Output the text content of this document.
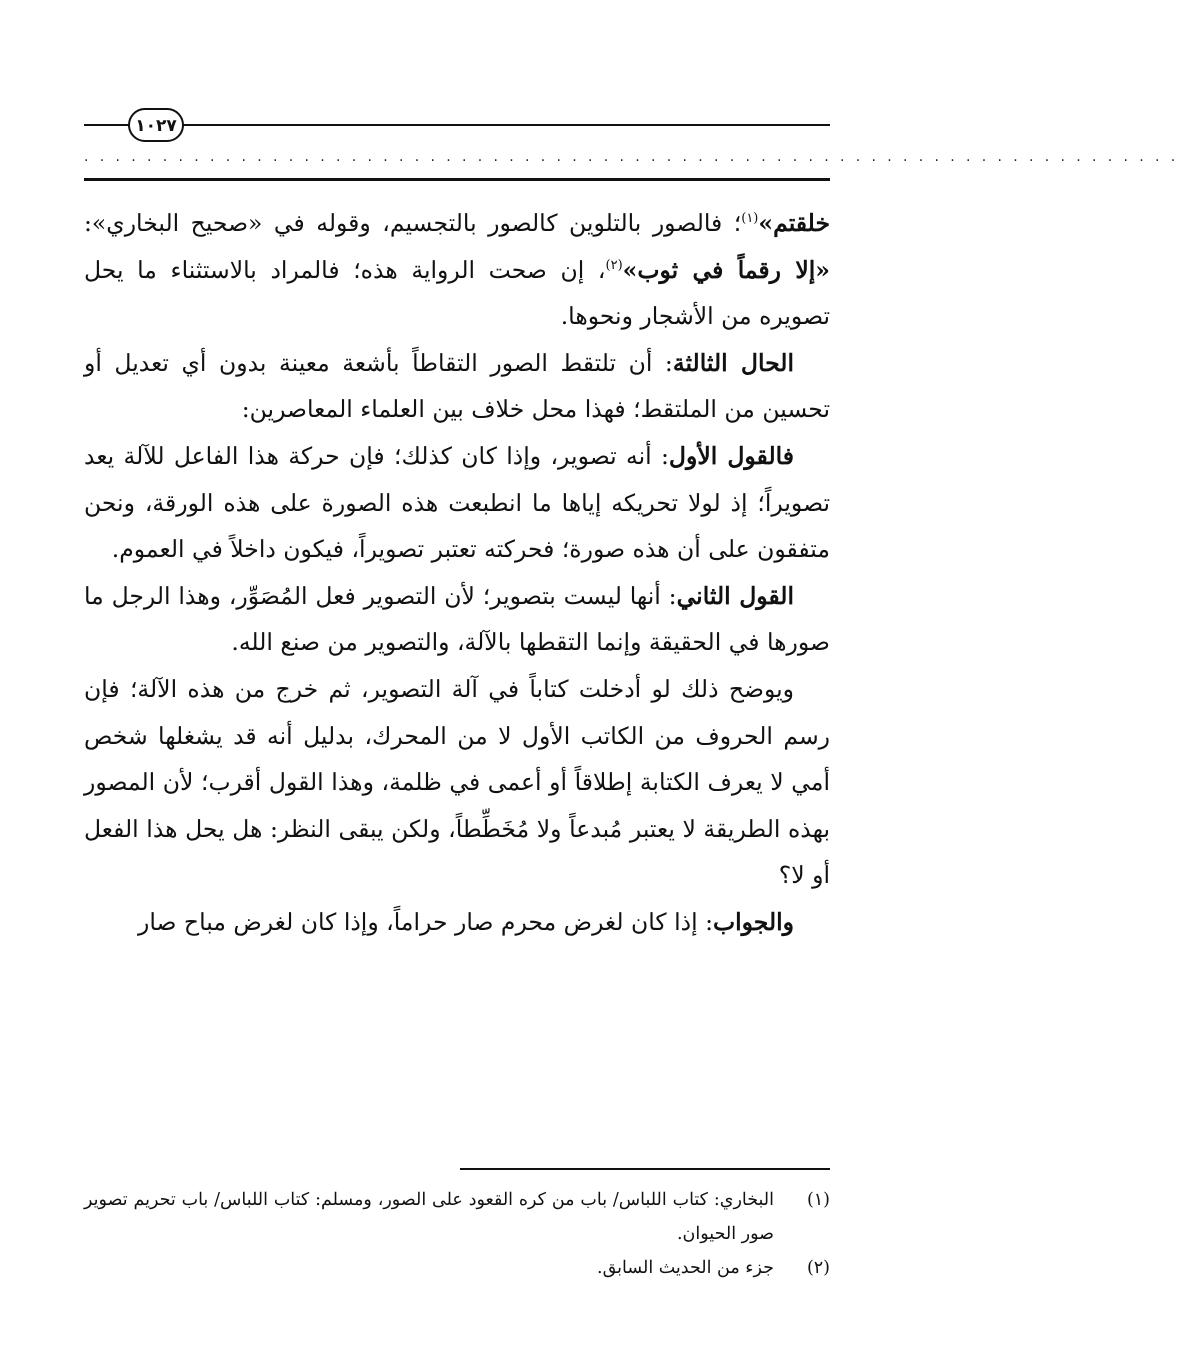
١٠٢٧
......................................................................

خلقتم»$^{(١)}$؛ فالصور بالتلوين كالصور بالتجسيم، وقوله في «صحيح البخاري»: «إلا رقماً في ثوب»$^{(٢)}$، إن صحت الرواية هذه؛ فالمراد بالاستثناء ما يحل تصويره من الأشجار ونحوها.

الحال الثالثة: أن تلتقط الصور التقاطاً بأشعة معينة بدون أي تعديل أو تحسين من الملتقط؛ فهذا محل خلاف بين العلماء المعاصرين:

فالقول الأول: أنه تصوير، وإذا كان كذلك؛ فإن حركة هذا الفاعل للآلة يعد تصويراً؛ إذ لولا تحريكه إياها ما انطبعت هذه الصورة على هذه الورقة، ونحن متفقون على أن هذه صورة؛ فحركته تعتبر تصويراً، فيكون داخلاً في العموم.

القول الثاني: أنها ليست بتصوير؛ لأن التصوير فعل المُصَوِّر، وهذا الرجل ما صورها في الحقيقة وإنما التقطها بالآلة، والتصوير من صنع الله.

ويوضح ذلك لو أدخلت كتاباً في آلة التصوير، ثم خرج من هذه الآلة؛ فإن رسم الحروف من الكاتب الأول لا من المحرك، بدليل أنه قد يشغلها شخص أمي لا يعرف الكتابة إطلاقاً أو أعمى في ظلمة، وهذا القول أقرب؛ لأن المصور بهذه الطريقة لا يعتبر مُبدعاً ولا مُخَطِّطاً، ولكن يبقى النظر: هل يحل هذا الفعل أو لا؟

والجواب: إذا كان لغرض محرم صار حراماً، وإذا كان لغرض مباح صار

(١)
البخاري: كتاب اللباس/ باب من كره القعود على الصور، ومسلم: كتاب اللباس/ باب تحريم تصوير صور الحيوان.
(٢)
جزء من الحديث السابق.
